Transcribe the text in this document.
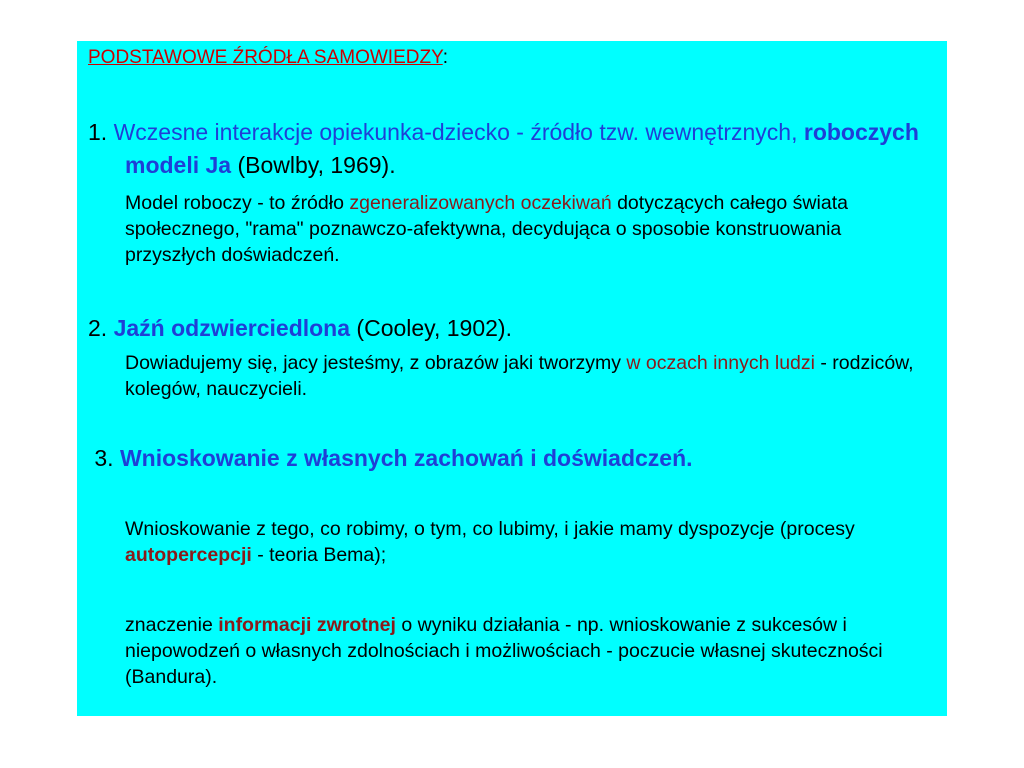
PODSTAWOWE ŹRÓDŁA SAMOWIEDZY:

1. Wczesne interakcje opiekunka-dziecko - źródło tzw. wewnętrznych, roboczych modeli Ja (Bowlby, 1969).

Model roboczy - to źródło zgeneralizowanych oczekiwań dotyczących całego świata społecznego, "rama" poznawczo-afektywna, decydująca o sposobie konstruowania przyszłych doświadczeń.

2. Jaźń odzwierciedlona (Cooley, 1902).

Dowiadujemy się, jacy jesteśmy, z obrazów jaki tworzymy w oczach innych ludzi - rodziców, kolegów, nauczycieli.

3. Wnioskowanie z własnych zachowań i doświadczeń.

Wnioskowanie z tego, co robimy, o tym, co lubimy, i jakie mamy dyspozycje (procesy autopercepcji - teoria Bema);

znaczenie informacji zwrotnej o wyniku działania - np. wnioskowanie z sukcesów i niepowodzeń o własnych zdolnościach i możliwościach - poczucie własnej skuteczności (Bandura).
